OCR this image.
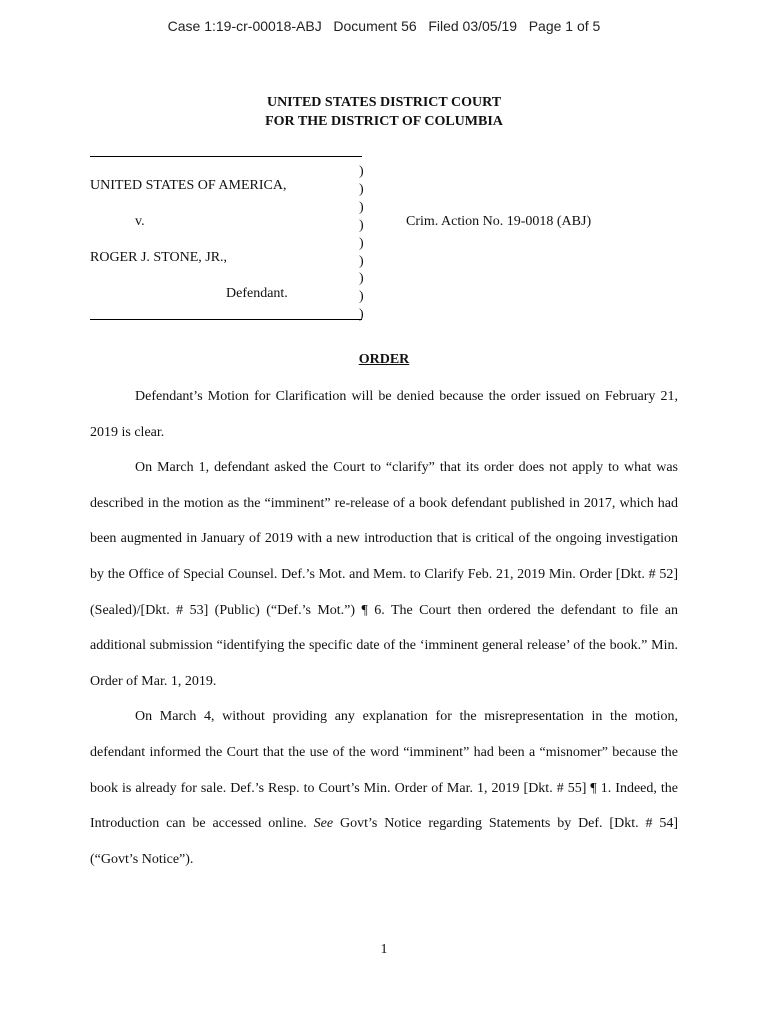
Case 1:19-cr-00018-ABJ   Document 56   Filed 03/05/19   Page 1 of 5
UNITED STATES DISTRICT COURT
FOR THE DISTRICT OF COLUMBIA
UNITED STATES OF AMERICA,
v.
ROGER J. STONE, JR.,
Defendant.
)
)
)
)
)
)
)
)
)
Crim. Action No. 19-0018 (ABJ)
ORDER

Defendant’s Motion for Clarification will be denied because the order issued on February 21, 2019 is clear.

On March 1, defendant asked the Court to “clarify” that its order does not apply to what was described in the motion as the “imminent” re-release of a book defendant published in 2017, which had been augmented in January of 2019 with a new introduction that is critical of the ongoing investigation by the Office of Special Counsel. Def.’s Mot. and Mem. to Clarify Feb. 21, 2019 Min. Order [Dkt. # 52] (Sealed)/[Dkt. # 53] (Public) (“Def.’s Mot.”) ¶ 6. The Court then ordered the defendant to file an additional submission “identifying the specific date of the ‘imminent general release’ of the book.” Min. Order of Mar. 1, 2019.

On March 4, without providing any explanation for the misrepresentation in the motion, defendant informed the Court that the use of the word “imminent” had been a “misnomer” because the book is already for sale. Def.’s Resp. to Court’s Min. Order of Mar. 1, 2019 [Dkt. # 55] ¶ 1. Indeed, the Introduction can be accessed online. See Govt’s Notice regarding Statements by Def. [Dkt. # 54] (“Govt’s Notice”).

1
